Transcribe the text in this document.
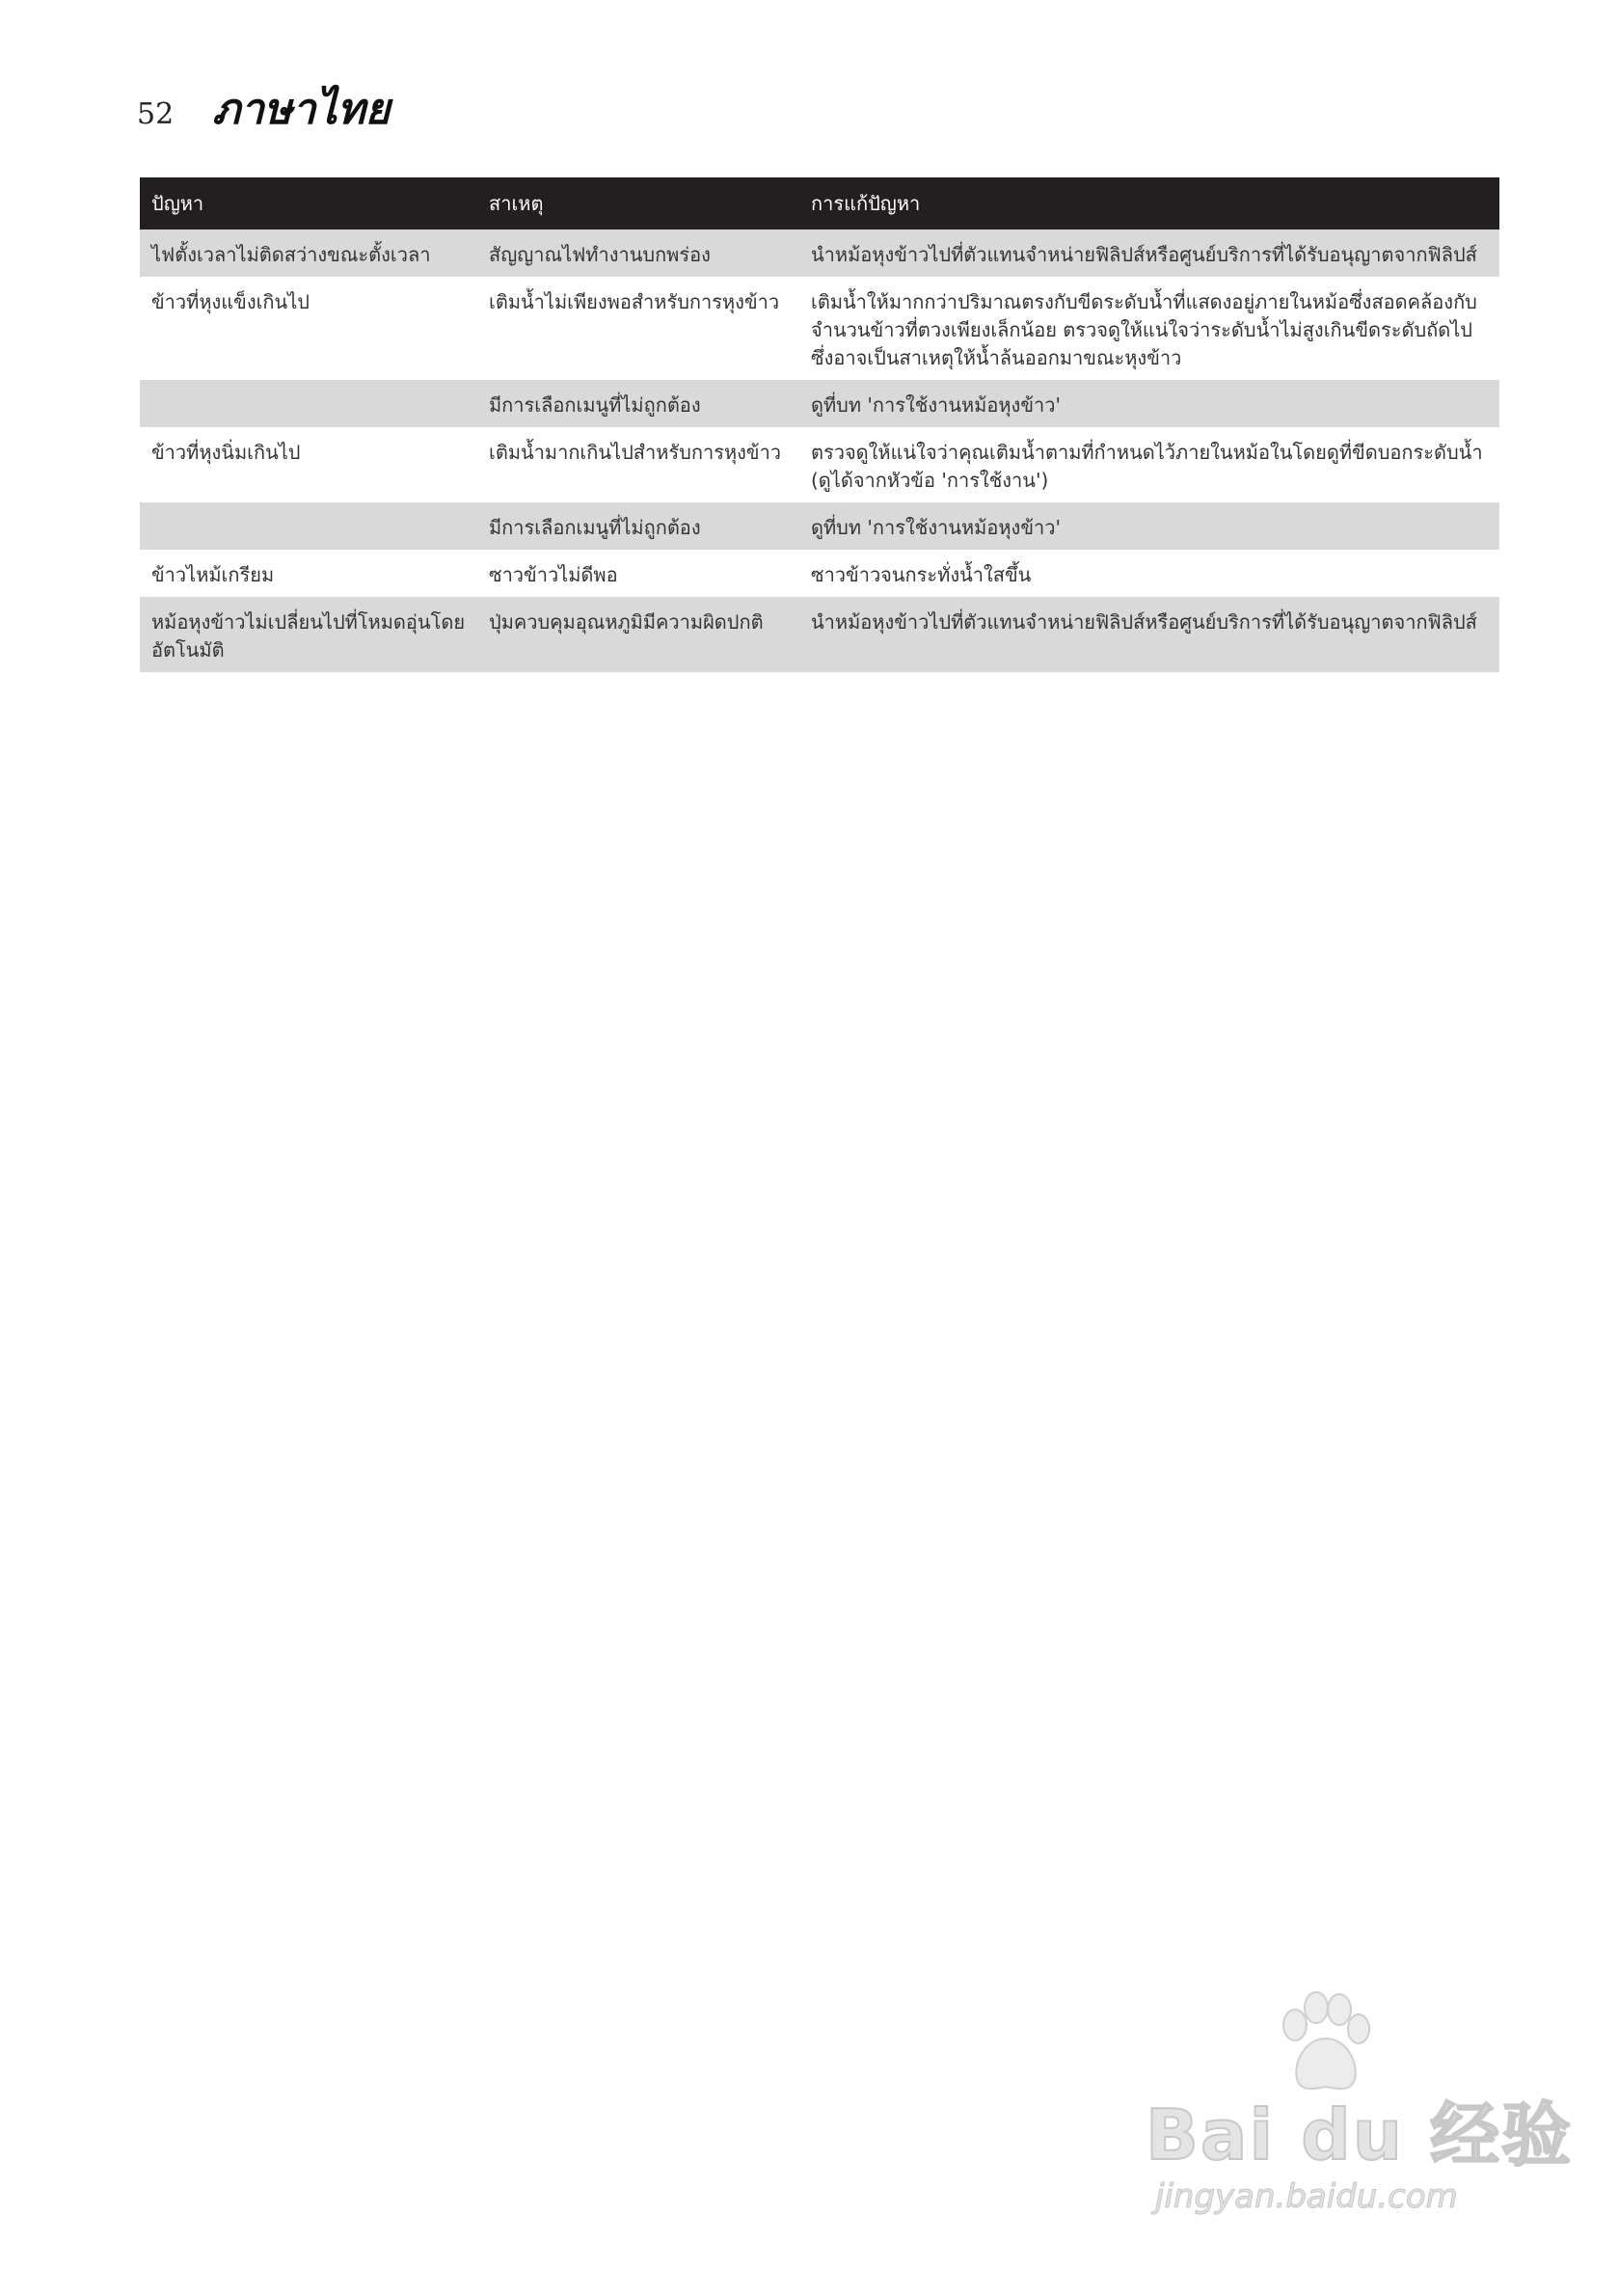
52 ภาษาไทย
ปัญหา	สาเหตุ	การแก้ปัญหา
ไฟตั้งเวลาไม่ติดสว่างขณะตั้งเวลา	สัญญาณไฟทำงานบกพร่อง	นำหม้อหุงข้าวไปที่ตัวแทนจำหน่ายฟิลิปส์หรือศูนย์บริการที่ได้รับอนุญาตจากฟิลิปส์
ข้าวที่หุงแข็งเกินไป	เติมน้ำไม่เพียงพอสำหรับการหุงข้าว	เติมน้ำให้มากกว่าปริมาณตรงกับขีดระดับน้ำที่แสดงอยู่ภายในหม้อซึ่งสอดคล้องกับจำนวนข้าวที่ตวงเพียงเล็กน้อย ตรวจดูให้แน่ใจว่าระดับน้ำไม่สูงเกินขีดระดับถัดไป ซึ่งอาจเป็นสาเหตุให้น้ำล้นออกมาขณะหุงข้าว
	มีการเลือกเมนูที่ไม่ถูกต้อง	ดูที่บท 'การใช้งานหม้อหุงข้าว'
ข้าวที่หุงนิ่มเกินไป	เติมน้ำมากเกินไปสำหรับการหุงข้าว	ตรวจดูให้แน่ใจว่าคุณเติมน้ำตามที่กำหนดไว้ภายในหม้อในโดยดูที่ขีดบอกระดับน้ำ (ดูได้จากหัวข้อ 'การใช้งาน')
	มีการเลือกเมนูที่ไม่ถูกต้อง	ดูที่บท 'การใช้งานหม้อหุงข้าว'
ข้าวไหม้เกรียม	ซาวข้าวไม่ดีพอ	ซาวข้าวจนกระทั่งน้ำใสขึ้น
หม้อหุงข้าวไม่เปลี่ยนไปที่โหมดอุ่นโดยอัตโนมัติ	ปุ่มควบคุมอุณหภูมิมีความผิดปกติ	นำหม้อหุงข้าวไปที่ตัวแทนจำหน่ายฟิลิปส์หรือศูนย์บริการที่ได้รับอนุญาตจากฟิลิปส์
Bai du 经验
jingyan.baidu.com
